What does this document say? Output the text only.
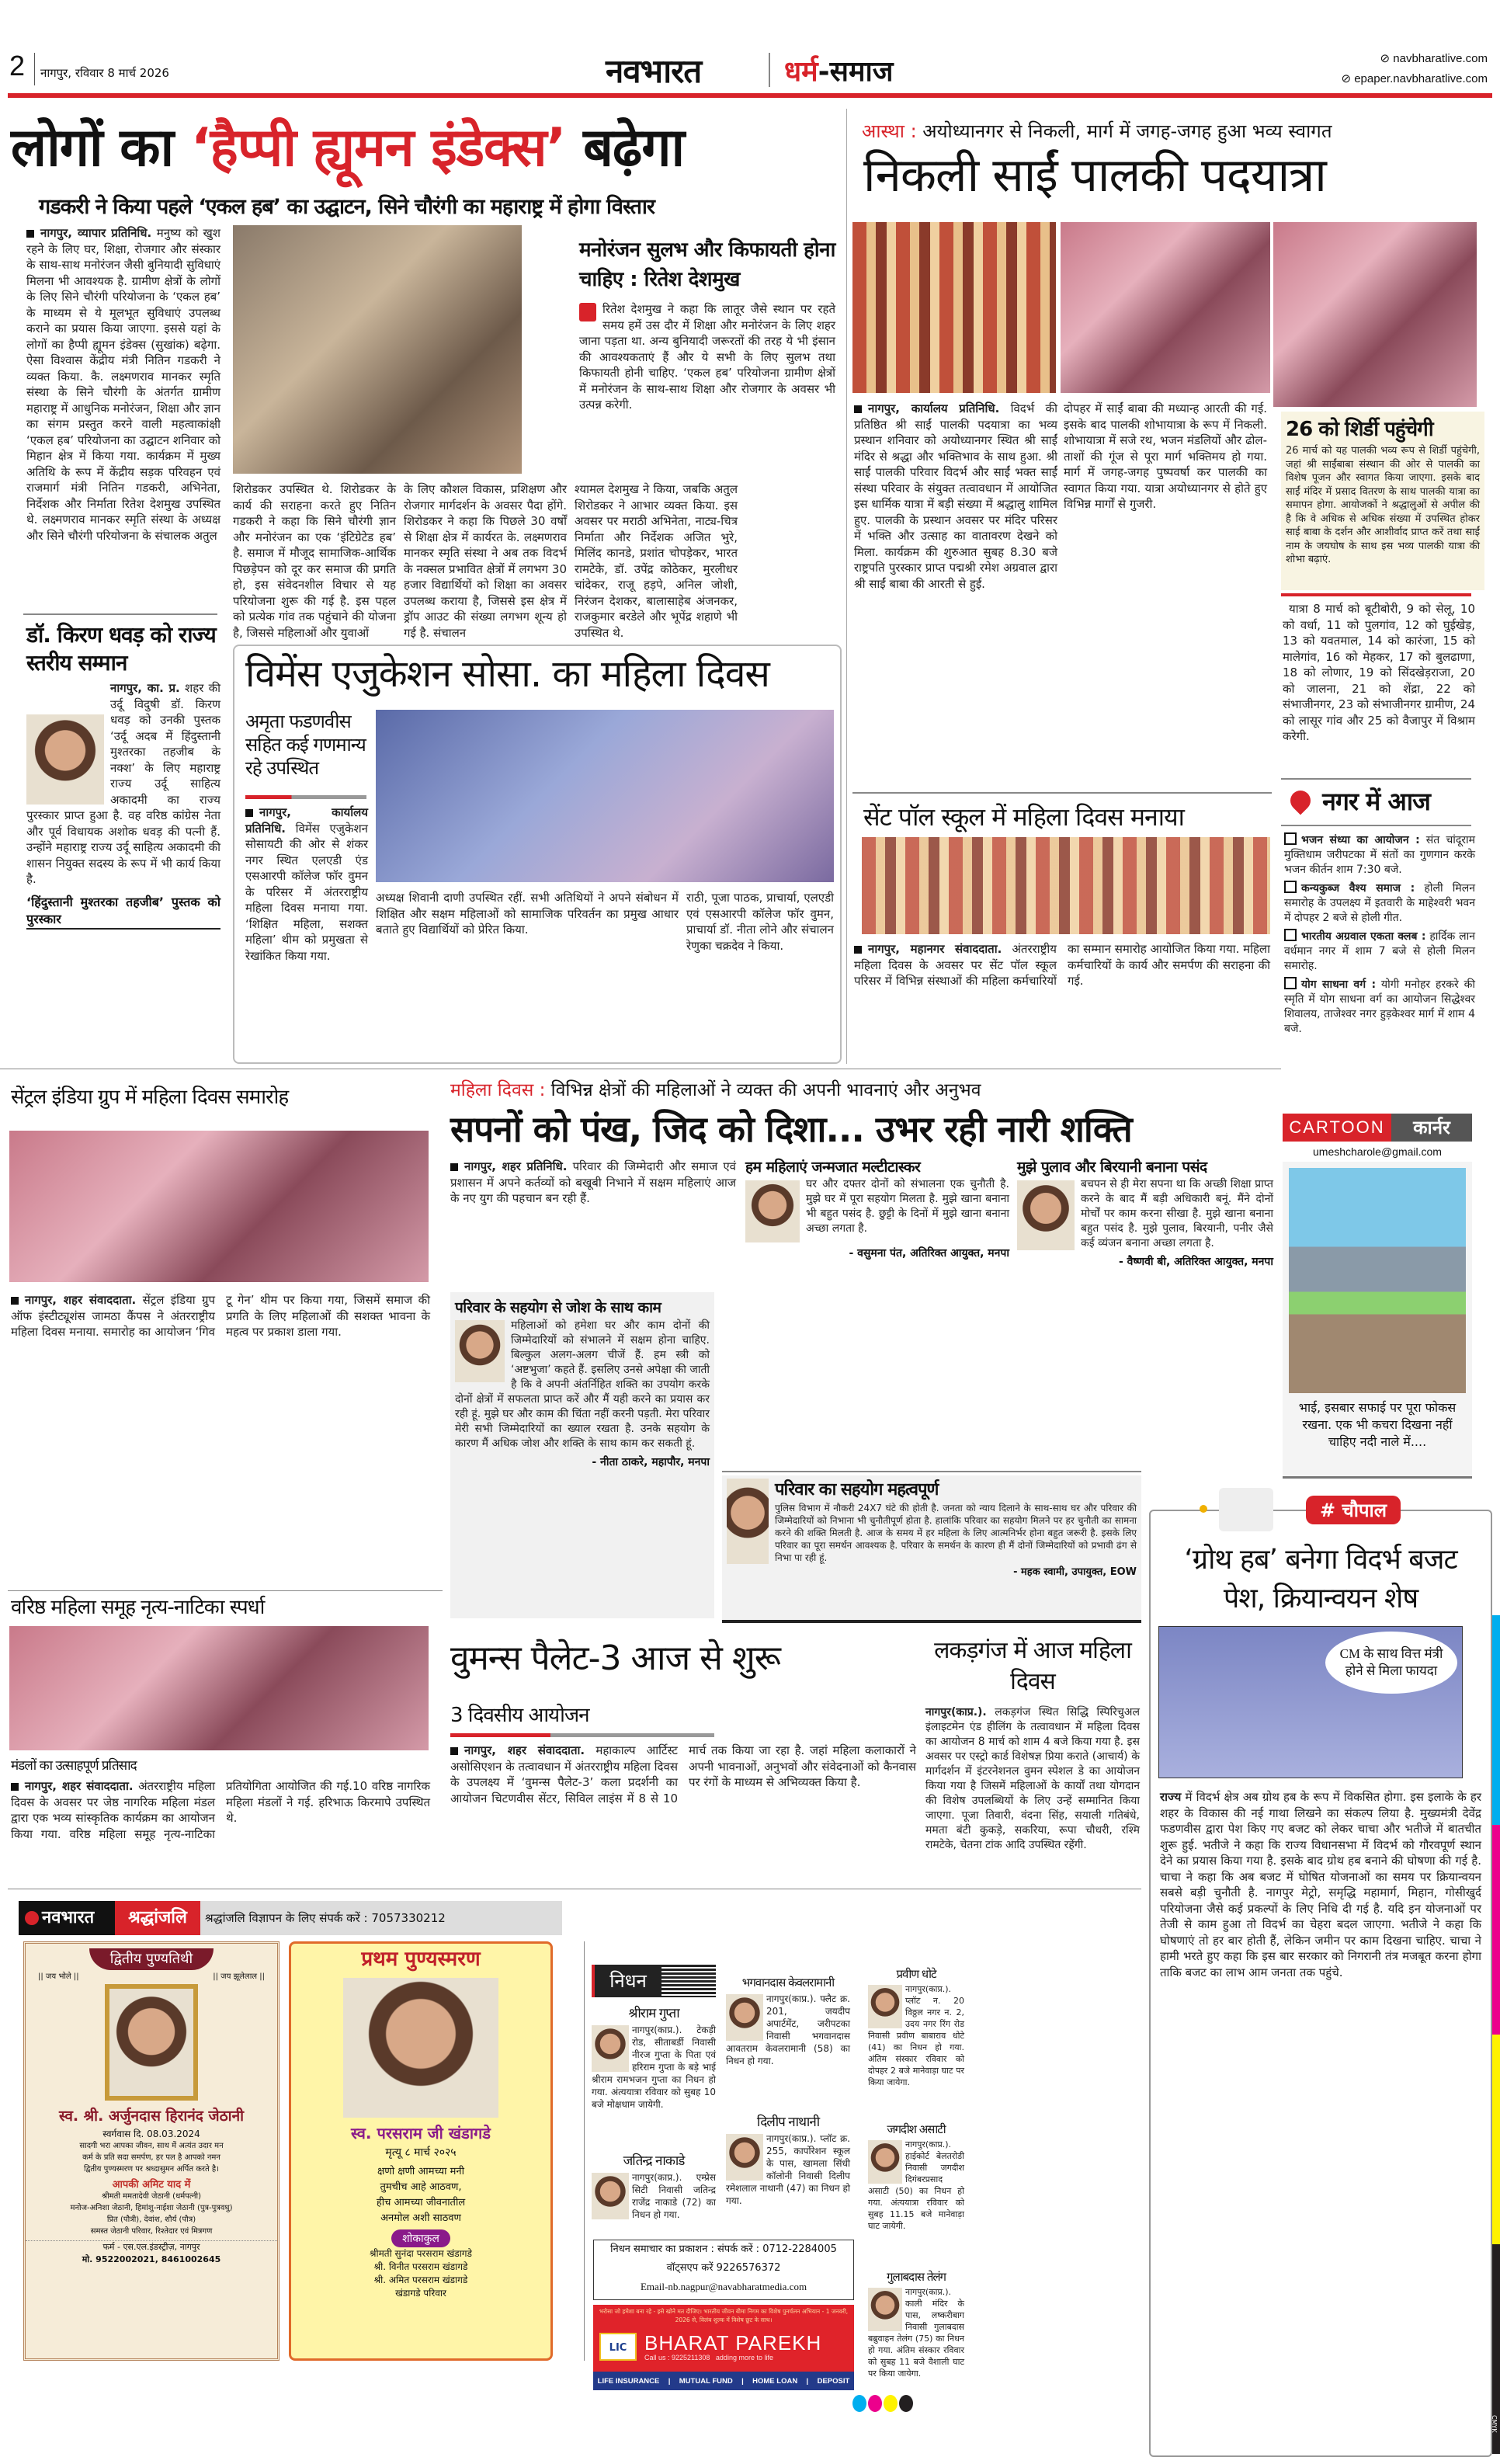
2 नागपुर, रविवार 8 मार्च 2026	नवभारत	धर्म-समाज	⊘ navbharatlive.com
⊘ epaper.navbharatlive.com
लोगों का ‘हैप्पी ह्यूमन इंडेक्स’ बढ़ेगा
गडकरी ने किया पहले ‘एकल हब’ का उद्घाटन, सिने चौरंगी का महाराष्ट्र में होगा विस्तार
नागपुर, व्यापार प्रतिनिधि. मनुष्य को खुश रहने के लिए घर, शिक्षा, रोजगार और संस्कार के साथ-साथ मनोरंजन जैसी बुनियादी सुविधाएं मिलना भी आवश्यक है. ग्रामीण क्षेत्रों के लोगों के लिए सिने चौरंगी परियोजना के ‘एकल हब’ के माध्यम से ये मूलभूत सुविधाएं उपलब्ध कराने का प्रयास किया जाएगा. इससे यहां के लोगों का हैप्पी ह्यूमन इंडेक्स (सुखांक) बढ़ेगा. ऐसा विश्वास केंद्रीय मंत्री नितिन गडकरी ने व्यक्त किया. कै. लक्ष्मणराव मानकर स्मृति संस्था के सिने चौरंगी के अंतर्गत ग्रामीण महाराष्ट्र में आधुनिक मनोरंजन, शिक्षा और ज्ञान का संगम प्रस्तुत करने वाली महत्वाकांक्षी ‘एकल हब’ परियोजना का उद्घाटन शनिवार को मिहान क्षेत्र में किया गया. कार्यक्रम में मुख्य अतिथि के रूप में केंद्रीय सड़क परिवहन एवं राजमार्ग मंत्री नितिन गडकरी, अभिनेता, निर्देशक और निर्माता रितेश देशमुख उपस्थित थे. लक्ष्मणराव मानकर स्मृति संस्था के अध्यक्ष और सिने चौरंगी परियोजना के संचालक अतुल
शिरोडकर उपस्थित थे. शिरोडकर के कार्य की सराहना करते हुए नितिन गडकरी ने कहा कि सिने चौरंगी ज्ञान और मनोरंजन का एक ‘इंटिग्रेटेड हब’ है. समाज में मौजूद सामाजिक-आर्थिक पिछड़ेपन को दूर कर समाज की प्रगति हो, इस संवेदनशील विचार से यह परियोजना शुरू की गई है. इस पहल को प्रत्येक गांव तक पहुंचाने की योजना है, जिससे महिलाओं और युवाओं
के लिए कौशल विकास, प्रशिक्षण और रोजगार मार्गदर्शन के अवसर पैदा होंगे. शिरोडकर ने कहा कि पिछले 30 वर्षों से शिक्षा क्षेत्र में कार्यरत के. लक्ष्मणराव मानकर स्मृति संस्था ने अब तक विदर्भ के नक्सल प्रभावित क्षेत्रों में लगभग 30 हजार विद्यार्थियों को शिक्षा का अवसर उपलब्ध कराया है, जिससे इस क्षेत्र में ड्रॉप आउट की संख्या लगभग शून्य हो गई है. संचालन
श्यामल देशमुख ने किया, जबकि अतुल शिरोडकर ने आभार व्यक्त किया. इस अवसर पर मराठी अभिनेता, नाट्य-चित्र निर्माता और निर्देशक अजित भुरे, मिलिंद कानडे, प्रशांत चोपड़ेकर, भारत रामटेके, डॉ. उपेंद्र कोठेकर, मुरलीधर चांदेकर, राजू हड़पे, अनिल जोशी, निरंजन देशकर, बालासाहेब अंजनकर, राजकुमार बरडेले और भूपेंद्र शहाणे भी उपस्थित थे.
मनोरंजन सुलभ और किफायती होना चाहिए : रितेश देशमुख
रितेश देशमुख ने कहा कि लातूर जैसे स्थान पर रहते समय हमें उस दौर में शिक्षा और मनोरंजन के लिए शहर जाना पड़ता था. अन्य बुनियादी जरूरतों की तरह ये भी इंसान की आवश्यकताएं हैं और ये सभी के लिए सुलभ तथा किफायती होनी चाहिए. ‘एकल हब’ परियोजना ग्रामीण क्षेत्रों में मनोरंजन के साथ-साथ शिक्षा और रोजगार के अवसर भी उत्पन्न करेगी.
आस्था : अयोध्यानगर से निकली, मार्ग में जगह-जगह हुआ भव्य स्वागत
निकली साईं पालकी पदयात्रा
नागपुर, कार्यालय प्रतिनिधि. विदर्भ की प्रतिष्ठित श्री साईं पालकी पदयात्रा का भव्य प्रस्थान शनिवार को अयोध्यानगर स्थित श्री साईं मंदिर से श्रद्धा और भक्तिभाव के साथ हुआ. श्री साईं पालकी परिवार विदर्भ और साईं भक्त साईं संस्था परिवार के संयुक्त तत्वावधान में आयोजित इस धार्मिक यात्रा में बड़ी संख्या में श्रद्धालु शामिल हुए. पालकी के प्रस्थान अवसर पर मंदिर परिसर में भक्ति और उत्साह का वातावरण देखने को मिला. कार्यक्रम की शुरुआत सुबह 8.30 बजे राष्ट्रपति पुरस्कार प्राप्त पद्मश्री रमेश अग्रवाल द्वारा श्री साईं बाबा की आरती से हुई.
दोपहर में साईं बाबा की मध्यान्ह आरती की गई. इसके बाद पालकी शोभायात्रा के रूप में निकली. शोभायात्रा में सजे रथ, भजन मंडलियों और ढोल-ताशों की गूंज से पूरा मार्ग भक्तिमय हो गया. मार्ग में जगह-जगह पुष्पवर्षा कर पालकी का स्वागत किया गया. यात्रा अयोध्यानगर से होते हुए विभिन्न मार्गों से गुजरी.
26 को शिर्डी पहुंचेगी
26 मार्च को यह पालकी भव्य रूप से शिर्डी पहुंचेगी, जहां श्री साईंबाबा संस्थान की ओर से पालकी का विशेष पूजन और स्वागत किया जाएगा. इसके बाद साईं मंदिर में प्रसाद वितरण के साथ पालकी यात्रा का समापन होगा. आयोजकों ने श्रद्धालुओं से अपील की है कि वे अधिक से अधिक संख्या में उपस्थित होकर साई बाबा के दर्शन और आशीर्वाद प्राप्त करें तथा साईं नाम के जयघोष के साथ इस भव्य पालकी यात्रा की शोभा बढ़ाएं.
यात्रा 8 मार्च को बूटीबोरी, 9 को सेलू, 10 को वर्धा, 11 को पुलगांव, 12 को घुईखेड़, 13 को यवतमाल, 14 को कारंजा, 15 को मालेगांव, 16 को मेहकर, 17 को बुलढाणा, 18 को लोणार, 19 को सिंदखेड़राजा, 20 को जालना, 21 को शेंद्रा, 22 को संभाजीनगर, 23 को संभाजीनगर ग्रामीण, 24 को लासूर गांव और 25 को वैजापुर में विश्राम करेगी.
नगर में आज
भजन संध्या का आयोजन : संत चांदूराम मुक्तिधाम जरीपटका में संतों का गुणगान करके भजन कीर्तन शाम 7:30 बजे.
कन्यकुब्ज वैश्य समाज : होली मिलन समारोह के उपलक्ष्य में इतवारी के माहेश्वरी भवन में दोपहर 2 बजे से होली गीत.
भारतीय अग्रवाल एकता क्लब : हार्दिक लान वर्धमान नगर में शाम 7 बजे से होली मिलन समारोह.
योग साधना वर्ग : योगी मनोहर हरकरे की स्मृति में योग साधना वर्ग का आयोजन सिद्धेश्वर शिवालय, ताजेश्वर नगर हुड़केश्वर मार्ग में शाम 4 बजे.
CARTOON	कार्नर
umeshcharole@gmail.com
भाई, इसबार सफाई पर पूरा फोकस रखना. एक भी कचरा दिखना नहीं चाहिए नदी नाले में....
डॉ. किरण धवड़ को राज्य स्तरीय सम्मान
नागपुर, का. प्र. शहर की उर्दू विदुषी डॉ. किरण धवड़ को उनकी पुस्तक ‘उर्दू अदब में हिंदुस्तानी मुश्तरका तहजीब के नक्श’ के लिए महाराष्ट्र राज्य उर्दू साहित्य अकादमी का राज्य पुरस्कार प्राप्त हुआ है. वह वरिष्ठ कांग्रेस नेता और पूर्व विधायक अशोक धवड़ की पत्नी हैं. उन्होंने महाराष्ट्र राज्य उर्दू साहित्य अकादमी की शासन नियुक्त सदस्य के रूप में भी कार्य किया है.
‘हिंदुस्तानी मुश्तरका तहजीब’ पुस्तक को पुरस्कार
विमेंस एजुकेशन सोसा. का महिला दिवस
अमृता फडणवीस सहित कई गणमान्य रहे उपस्थित
नागपुर, कार्यालय प्रतिनिधि. विमेंस एजुकेशन सोसायटी की ओर से शंकर नगर स्थित एलएडी एंड एसआरपी कॉलेज फॉर वुमन के परिसर में अंतरराष्ट्रीय महिला दिवस मनाया गया. ‘शिक्षित महिला, सशक्त महिला’ थीम को प्रमुखता से रेखांकित किया गया.
अध्यक्ष शिवानी दाणी उपस्थित रहीं. सभी अतिथियों ने अपने संबोधन में शिक्षित और सक्षम महिलाओं को सामाजिक परिवर्तन का प्रमुख आधार बताते हुए विद्यार्थियों को प्रेरित किया.
राठी, पूजा पाठक, प्राचार्या, एलएडी एवं एसआरपी कॉलेज फॉर वुमन, प्राचार्या डॉ. नीता लोने और संचालन रेणुका चक्रदेव ने किया.
सेंट पॉल स्कूल में महिला दिवस मनाया
नागपुर, महानगर संवाददाता. अंतरराष्ट्रीय महिला दिवस के अवसर पर सेंट पॉल स्कूल परिसर में विभिन्न संस्थाओं की महिला कर्मचारियों का सम्मान समारोह आयोजित किया गया. महिला कर्मचारियों के कार्य और समर्पण की सराहना की गई.
सेंट्रल इंडिया ग्रुप में महिला दिवस समारोह
नागपुर, शहर संवाददाता. सेंट्रल इंडिया ग्रुप ऑफ इंस्टीट्यूशंस जामठा कैंपस ने अंतरराष्ट्रीय महिला दिवस मनाया. समारोह का आयोजन ‘गिव टू गेन’ थीम पर किया गया, जिसमें समाज की प्रगति के लिए महिलाओं की सशक्त भावना के महत्व पर प्रकाश डाला गया.
महिला दिवस : विभिन्न क्षेत्रों की महिलाओं ने व्यक्त की अपनी भावनाएं और अनुभव
सपनों को पंख, जिद को दिशा... उभर रही नारी शक्ति
नागपुर, शहर प्रतिनिधि. परिवार की जिम्मेदारी और समाज एवं प्रशासन में अपने कर्तव्यों को बखूबी निभाने में सक्षम महिलाएं आज के नए युग की पहचान बन रही हैं.
परिवार के सहयोग से जोश के साथ काम
महिलाओं को हमेशा घर और काम दोनों की जिम्मेदारियों को संभालने में सक्षम होना चाहिए. बिल्कुल अलग-अलग चीजें हैं. हम स्त्री को ‘अष्टभुजा’ कहते हैं. इसलिए उनसे अपेक्षा की जाती है कि वे अपनी अंतर्निहित शक्ति का उपयोग करके दोनों क्षेत्रों में सफलता प्राप्त करें और मैं यही करने का प्रयास कर रही हूं. मुझे घर और काम की चिंता नहीं करनी पड़ती. मेरा परिवार मेरी सभी जिम्मेदारियों का ख्याल रखता है. उनके सहयोग के कारण मैं अधिक जोश और शक्ति के साथ काम कर सकती हूं.
- नीता ठाकरे, महापौर, मनपा
हम महिलाएं जन्मजात मल्टीटास्कर
घर और दफ्तर दोनों को संभालना एक चुनौती है. मुझे घर में पूरा सहयोग मिलता है. मुझे खाना बनाना भी बहुत पसंद है. छुट्टी के दिनों में मुझे खाना बनाना अच्छा लगता है.
- वसुमना पंत, अतिरिक्त आयुक्त, मनपा
मुझे पुलाव और बिरयानी बनाना पसंद
बचपन से ही मेरा सपना था कि अच्छी शिक्षा प्राप्त करने के बाद मैं बड़ी अधिकारी बनूं. मैंने दोनों मोर्चों पर काम करना सीखा है. मुझे खाना बनाना बहुत पसंद है. मुझे पुलाव, बिरयानी, पनीर जैसे कई व्यंजन बनाना अच्छा लगता है.
- वैष्णवी बी, अतिरिक्त आयुक्त, मनपा
परिवार का सहयोग महत्वपूर्ण
पुलिस विभाग में नौकरी 24X7 घंटे की होती है. जनता को न्याय दिलाने के साथ-साथ घर और परिवार की जिम्मेदारियों को निभाना भी चुनौतीपूर्ण होता है. हालांकि परिवार का सहयोग मिलने पर हर चुनौती का सामना करने की शक्ति मिलती है. आज के समय में हर महिला के लिए आत्मनिर्भर होना बहुत जरूरी है. इसके लिए परिवार का पूरा समर्थन आवश्यक है. परिवार के समर्थन के कारण ही मैं दोनों जिम्मेदारियों को प्रभावी ढंग से निभा पा रही हूं.
- महक स्वामी, उपायुक्त, EOW
वरिष्ठ महिला समूह नृत्य-नाटिका स्पर्धा
मंडलों का उत्साहपूर्ण प्रतिसाद
नागपुर, शहर संवाददाता. अंतरराष्ट्रीय महिला दिवस के अवसर पर जेष्ठ नागरिक महिला मंडल द्वारा एक भव्य सांस्कृतिक कार्यक्रम का आयोजन किया गया. वरिष्ठ महिला समूह नृत्य-नाटिका प्रतियोगिता आयोजित की गई.10 वरिष्ठ नागरिक महिला मंडलों ने गई. हरिभाऊ किरमापे उपस्थित थे.
वुमन्स पैलेट-3 आज से शुरू
3 दिवसीय आयोजन
नागपुर, शहर संवाददाता. महाकाल्प आर्टिस्ट असोसिएशन के तत्वावधान में अंतरराष्ट्रीय महिला दिवस के उपलक्ष्य में ‘वुमन्स पैलेट-3’ कला प्रदर्शनी का आयोजन चिटणवीस सेंटर, सिविल लाइंस में 8 से 10 मार्च तक किया जा रहा है. जहां महिला कलाकारों ने अपनी भावनाओं, अनुभवों और संवेदनाओं को कैनवास पर रंगों के माध्यम से अभिव्यक्त किया है.
लकड़गंज में आज महिला दिवस
नागपुर(काप्र.). लकड़गंज स्थित सिद्धि स्पिरिचुअल इंलाइटमेन एंड हीलिंग के तत्वावधान में महिला दिवस का आयोजन 8 मार्च को शाम 4 बजे किया गया है. इस अवसर पर एस्ट्रो कार्ड विशेषज्ञ प्रिया कराते (आचार्य) के मार्गदर्शन में इंटरनेशनल वुमन स्पेशल डे का आयोजन किया गया है जिसमें महिलाओं के कार्यों तथा योगदान की विशेष उपलब्धियों के लिए उन्हें सम्मानित किया जाएगा. पूजा तिवारी, वंदना सिंह, सयाली गतिबंधे, ममता बंटी कुकड़े, सकरिया, रूपा चौधरी, रश्मि रामटेके, चेतना टांक आदि उपस्थित रहेंगी.
# चौपाल
‘ग्रोथ हब’ बनेगा विदर्भ बजट पेश, क्रियान्वयन शेष
CM के साथ वित्त मंत्री होने से मिला फायदा
राज्य में विदर्भ क्षेत्र अब ग्रोथ हब के रूप में विकसित होगा. इस इलाके के हर शहर के विकास की नई गाथा लिखने का संकल्प लिया है. मुख्यमंत्री देवेंद्र फडणवीस द्वारा पेश किए गए बजट को लेकर चाचा और भतीजे में बातचीत शुरू हुई. भतीजे ने कहा कि राज्य विधानसभा में विदर्भ को गौरवपूर्ण स्थान देने का प्रयास किया गया है. इसके बाद ग्रोथ हब बनाने की घोषणा की गई है. चाचा ने कहा कि अब बजट में घोषित योजनाओं का समय पर क्रियान्वयन सबसे बड़ी चुनौती है. नागपुर मेट्रो, समृद्धि महामार्ग, मिहान, गोसीखुर्द परियोजना जैसे कई प्रकल्पों के लिए निधि दी गई है. यदि इन योजनाओं पर तेजी से काम हुआ तो विदर्भ का चेहरा बदल जाएगा. भतीजे ने कहा कि घोषणाएं तो हर बार होती हैं, लेकिन जमीन पर काम दिखना चाहिए. चाचा ने हामी भरते हुए कहा कि इस बार सरकार को निगरानी तंत्र मजबूत करना होगा ताकि बजट का लाभ आम जनता तक पहुंचे.
नवभारत	श्रद्धांजलि	श्रद्धांजलि विज्ञापन के लिए संपर्क करें : 7057330212
द्वितीय पुण्यतिथी
|| जय भोले ||	|| जय झूलेलाल ||
स्व. श्री. अर्जुनदास हिरानंद जेठानी
स्वर्गवास दि. 08.03.2024
सादगी भरा आपका जीवन, साथ में अत्यंत उदार मन
कर्म के प्रति सदा समर्पण, हर पल है आपको नमन
द्वितीय पुण्यस्मरण पर श्रध्दासुमन अर्पित करते है।
आपकी अमिट याद में
श्रीमती ममतादेवी जेठानी (धर्मपत्नी)
मनोज-अनिशा जेठानी, हिमांशु-नाईशा जेठानी (पुत्र-पुत्रवधु)
प्रित (पौत्री), देवांश, शौर्य (पौत्र)
समस्त जेठानी परिवार, रिश्तेदार एवं मित्रगण
फर्म - एस.एल.इंडस्ट्रीज़, नागपुर
मो. 9522002021, 8461002645
प्रथम पुण्यस्मरण
स्व. परसराम जी खंडागडे
मृत्यू ८ मार्च २०२५
क्षणो क्षणी आमच्या मनी
तुमचीच आहे आठवण,
हीच आमच्या जीवनातील
अनमोल अशी साठवण
शोकाकुल
श्रीमती सुनंदा परसराम खंडागडे
श्री. विनीत परसराम खंडागडे
श्री. अमित परसराम खंडागडे
खंडागडे परिवार
निधन
श्रीराम गुप्ता
नागपुर(काप्र.). टेकड़ी रोड, सीताबर्डी निवासी नीरज गुप्ता के पिता एवं हरिराम गुप्ता के बड़े भाई श्रीराम रामभजन गुप्ता का निधन हो गया. अंत्ययात्रा रविवार को सुबह 10 बजे मोक्षधाम जायेगी.
जतिन्द्र नाकाडे
नागपुर(काप्र.). एम्प्रेस सिटी निवासी जतिन्द्र राजेंद्र नाकाडे (72) का निधन हो गया.
भगवानदास केवलरामानी
नागपुर(काप्र.). फ्लैट क्र. 201, जयदीप अपार्टमेंट, जरीपटका निवासी भगवानदास आवतराम केवलरामानी (58) का निधन हो गया.
दिलीप नाथानी
नागपुर(काप्र.). प्लॉट क्र. 255, कार्पोरेशन स्कूल के पास, खामला सिंधी कॉलोनी निवासी दिलीप रमेशलाल नाथानी (47) का निधन हो गया.
प्रवीण धोटे
नागपुर(काप्र.). प्लॉट न. 20 विठ्ठल नगर न. 2, उदय नगर रिंग रोड निवासी प्रवीण बाबाराव धोटे (41) का निधन हो गया. अंतिम संस्कार रविवार को दोपहर 2 बजे मानेवाड़ा घाट पर किया जायेगा.
जगदीश असाटी
नागपुर(काप्र.). हाईकोर्ट बेलतरोडी निवासी जगदीश दिगंबरप्रसाद असाटी (50) का निधन हो गया. अंत्ययात्रा रविवार को सुबह 11.15 बजे मानेवाड़ा घाट जायेगी.
गुलाबदास तेलंग
नागपुर(काप्र.). काली मंदिर के पास, लष्करीबाग निवासी गुलाबदास बब्रुवाहन तेलंग (75) का निधन हो गया. अंतिम संस्कार रविवार को सुबह 11 बजे वैशाली घाट पर किया जायेगा.
निधन समाचार का प्रकाशन : संपर्क करें : 0712-2284005
वॉट्सएप करें 9226576372
Email-nb.nagpur@navabharatmedia.com
भरोसा जो हमेशा बना रहे - इसे खोने मत दीजिए। भारतीय जीवन बीमा निगम का विशेष पुनर्चलन अभियान - 1 जनवरी, 2026 से, विलंब शुल्क में विशेष छूट के साथ।
LIC BHARAT PAREKH
Call us : 9225211308 adding more to life
LIFE INSURANCE | MUTUAL FUND | HOME LOAN | DEPOSIT
CMYK
